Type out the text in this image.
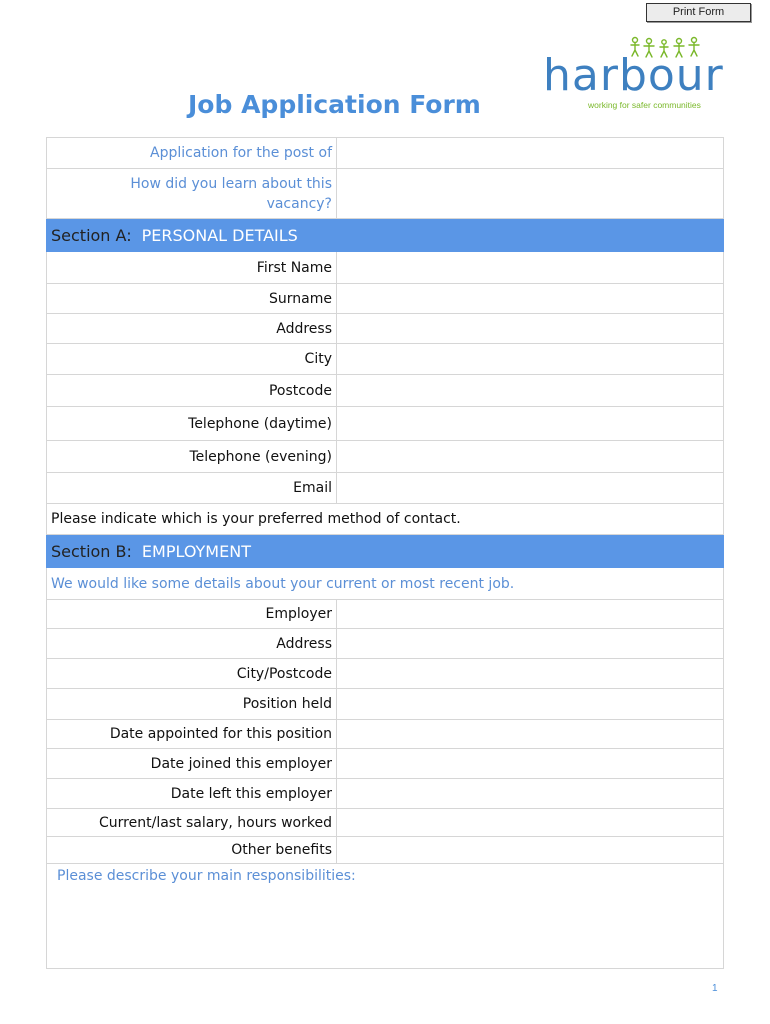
Print Form
harbour
working for safer communities
Job Application Form
Application for the post of	
How did you learn about this
vacancy?	
Section A: PERSONAL DETAILS	
First Name	
Surname	
Address	
City	
Postcode	
Telephone (daytime)	
Telephone (evening)	
Email	
Please indicate which is your preferred method of contact.	
Section B: EMPLOYMENT	
We would like some details about your current or most recent job.	
Employer	
Address	
City/Postcode	
Position held	
Date appointed for this position	
Date joined this employer	
Date left this employer	
Current/last salary, hours worked	
Other benefits	
Please describe your main responsibilities:	
1
